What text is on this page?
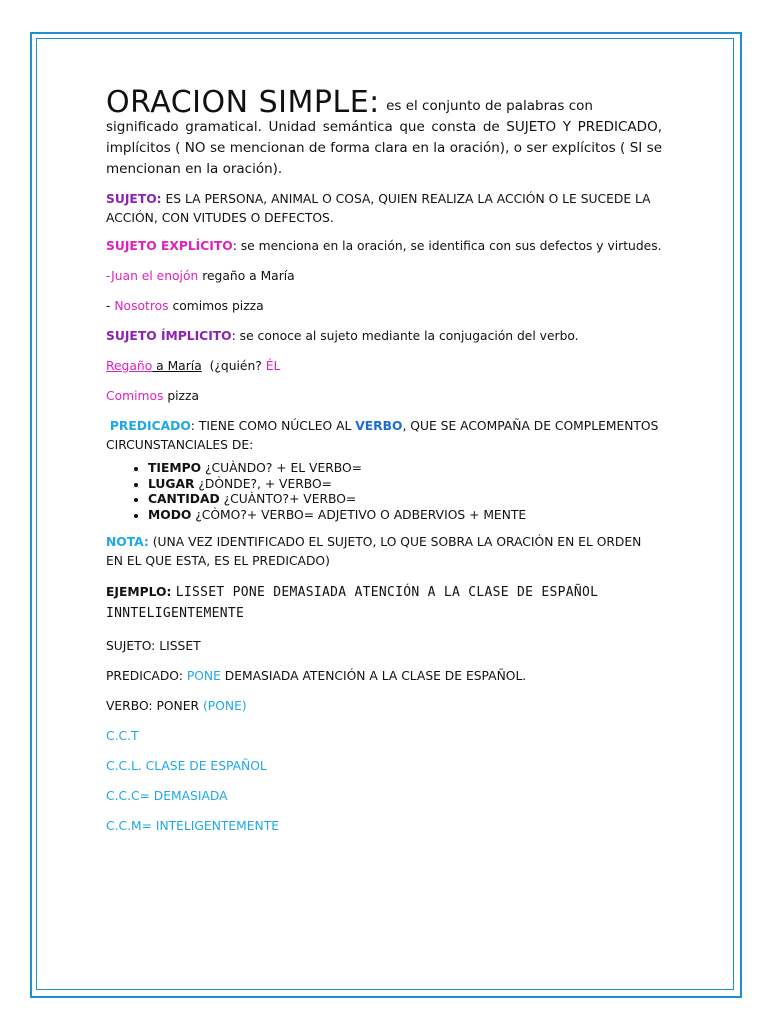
ORACION SIMPLE: es el conjunto de palabras con

significado gramatical. Unidad semántica que consta de SUJETO Y PREDICADO, implícitos ( NO se mencionan de forma clara en la oración), o ser explícitos ( SI se mencionan en la oración).

SUJETO: ES LA PERSONA, ANIMAL O COSA, QUIEN REALIZA LA ACCIÓN O LE SUCEDE LA ACCIÓN, CON VITUDES O DEFECTOS.

SUJETO EXPLÍCITO: se menciona en la oración, se identifica con sus defectos y virtudes.

-Juan el enojón regaño a María

- Nosotros comimos pizza

SUJETO ÍMPLICITO: se conoce al sujeto mediante la conjugación del verbo.

Regaño a María (¿quién? ÉL

Comimos pizza

PREDICADO: TIENE COMO NÚCLEO AL VERBO, QUE SE ACOMPAÑA DE COMPLEMENTOS CIRCUNSTANCIALES DE:

• TIEMPO ¿CUÀNDO? + EL VERBO=
• LUGAR ¿DÒNDE?, + VERBO=
• CANTIDAD ¿CUÀNTO?+ VERBO=
• MODO ¿CÒMO?+ VERBO= ADJETIVO O ADBERVIOS + MENTE

NOTA: (UNA VEZ IDENTIFICADO EL SUJETO, LO QUE SOBRA LA ORACIÓN EN EL ORDEN EN EL QUE ESTA, ES EL PREDICADO)

EJEMPLO: LISSET PONE DEMASIADA ATENCIÓN A LA CLASE DE ESPAÑOL INNTELIGENTEMENTE

SUJETO: LISSET

PREDICADO: PONE DEMASIADA ATENCIÓN A LA CLASE DE ESPAÑOL.

VERBO: PONER (PONE)

C.C.T

C.C.L. CLASE DE ESPAÑOL

C.C.C= DEMASIADA

C.C.M= INTELIGENTEMENTE
